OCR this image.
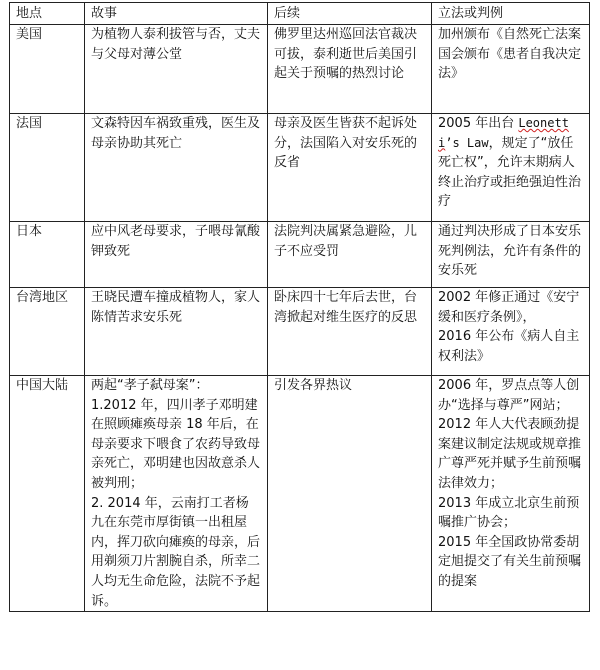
地点	故事	后续	立法或判例
美国	为植物人泰利拔管与否，丈夫与父母对薄公堂	佛罗里达州巡回法官裁决可拔，泰利逝世后美国引起关于预嘱的热烈讨论	加州颁布《自然死亡法案
国会颁布《患者自我决定法》

法国	文森特因车祸致重残，医生及母亲协助其死亡	母亲及医生皆获不起诉处分，法国陷入对安乐死的反省	2005 年出台 Leonetti’s Law，规定了“放任死亡权”，允许末期病人终止治疗或拒绝强迫性治疗
日本	应中风老母要求，子喂母氰酸钾致死	法院判决属紧急避险，儿子不应受罚	通过判决形成了日本安乐死判例法，允许有条件的安乐死
台湾地区	王晓民遭车撞成植物人，家人陈情苦求安乐死	卧床四十七年后去世，台湾掀起对维生医疗的反思	2002 年修正通过《安宁缓和医疗条例》，
2016 年公布《病人自主权利法》

中国大陆	两起“孝子弑母案”：
1.2012 年，四川孝子邓明建在照顾瘫痪母亲 18 年后，在母亲要求下喂食了农药导致母亲死亡，邓明建也因故意杀人被判刑；
2. 2014 年，云南打工者杨九在东莞市厚街镇一出租屋内，挥刀砍向瘫痪的母亲，后用剃须刀片割腕自杀，所幸二人均无生命危险，法院不予起诉。	引发各界热议	2006 年，罗点点等人创办“选择与尊严”网站；
2012 年人大代表顾劲提案建议制定法规或规章推广尊严死并赋予生前预嘱法律效力；
2013 年成立北京生前预嘱推广协会；
2015 年全国政协常委胡定旭提交了有关生前预嘱的提案
